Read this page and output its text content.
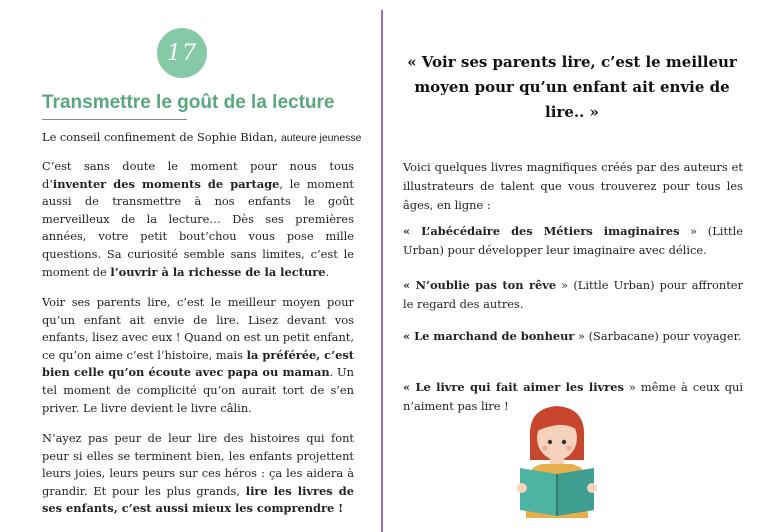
17
Transmettre le goût de la lecture
Le conseil confinement de Sophie Bidan, auteure jeunesse

C’est sans doute le moment pour nous tous d’inventer des moments de partage, le moment aussi de transmettre à nos enfants le goût merveilleux de la lecture… Dès ses premières années, votre petit bout’chou vous pose mille questions. Sa curiosité semble sans limites, c’est le moment de l’ouvrir à la richesse de la lecture.

Voir ses parents lire, c’est le meilleur moyen pour qu’un enfant ait envie de lire. Lisez devant vos enfants, lisez avec eux ! Quand on est un petit enfant, ce qu’on aime c’est l’histoire, mais la préférée, c’est bien celle qu’on écoute avec papa ou maman. Un tel moment de complicité qu’on aurait tort de s’en priver. Le livre devient le livre câlin.

N’ayez pas peur de leur lire des histoires qui font peur si elles se terminent bien, les enfants projettent leurs joies, leurs peurs sur ces héros : ça les aidera à grandir. Et pour les plus grands, lire les livres de ses enfants, c’est aussi mieux les comprendre !

« Voir ses parents lire, c’est le meilleur moyen pour qu’un enfant ait envie de lire.. »

Voici quelques livres magnifiques créés par des auteurs et illustrateurs de talent que vous trouverez pour tous les âges, en ligne :

« L’abécédaire des Métiers imaginaires » (Little Urban) pour développer leur imaginaire avec délice.

« N’oublie pas ton rêve » (Little Urban) pour affronter le regard des autres.

« Le marchand de bonheur » (Sarbacane) pour voyager.

« Le livre qui fait aimer les livres » même à ceux qui n’aiment pas lire !
